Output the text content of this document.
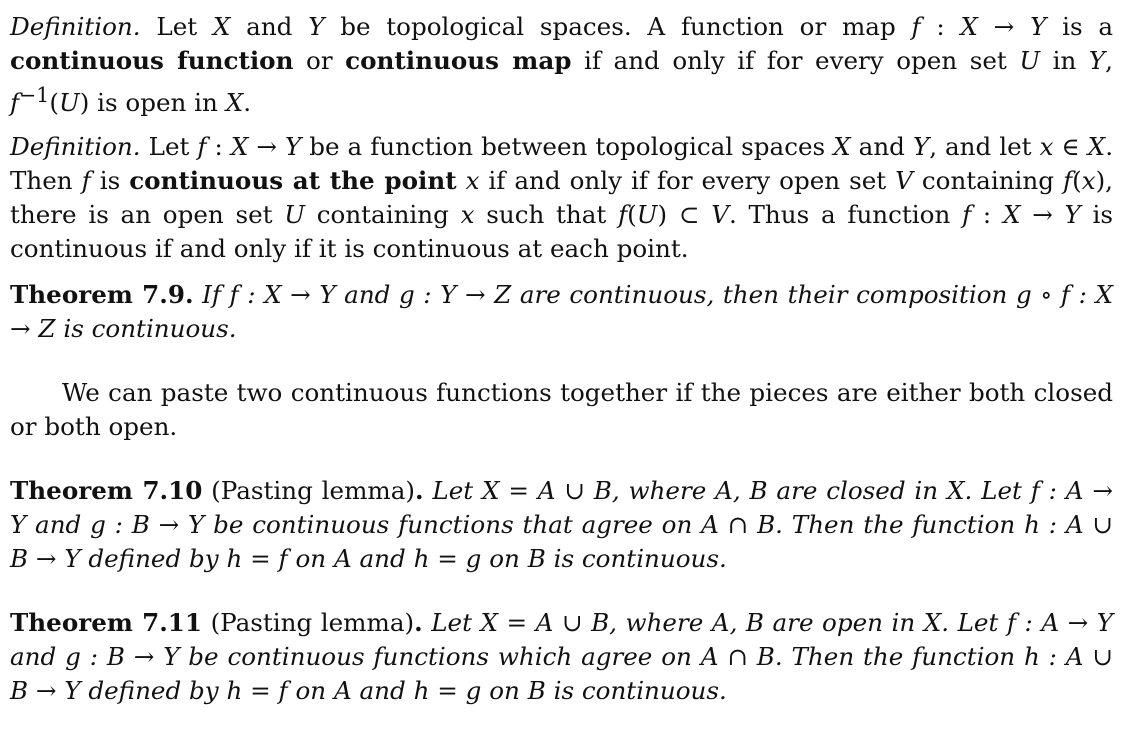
Definition. Let X and Y be topological spaces. A function or map f : X → Y is a continuous function or continuous map if and only if for every open set U in Y, $f^{-1}(U)$ is open in X.

Definition. Let f : X → Y be a function between topological spaces X and Y, and let x ∈ X. Then f is continuous at the point x if and only if for every open set V containing f(x), there is an open set U containing x such that f(U) ⊂ V. Thus a function f : X → Y is continuous if and only if it is continuous at each point.

Theorem 7.9. If f : X → Y and g : Y → Z are continuous, then their composition g ∘ f : X → Z is continuous.

We can paste two continuous functions together if the pieces are either both closed or both open.

Theorem 7.10 (Pasting lemma). Let X = A ∪ B, where A, B are closed in X. Let f : A → Y and g : B → Y be continuous functions that agree on A ∩ B. Then the function h : A ∪ B → Y defined by h = f on A and h = g on B is continuous.

Theorem 7.11 (Pasting lemma). Let X = A ∪ B, where A, B are open in X. Let f : A → Y and g : B → Y be continuous functions which agree on A ∩ B. Then the function h : A ∪ B → Y defined by h = f on A and h = g on B is continuous.
